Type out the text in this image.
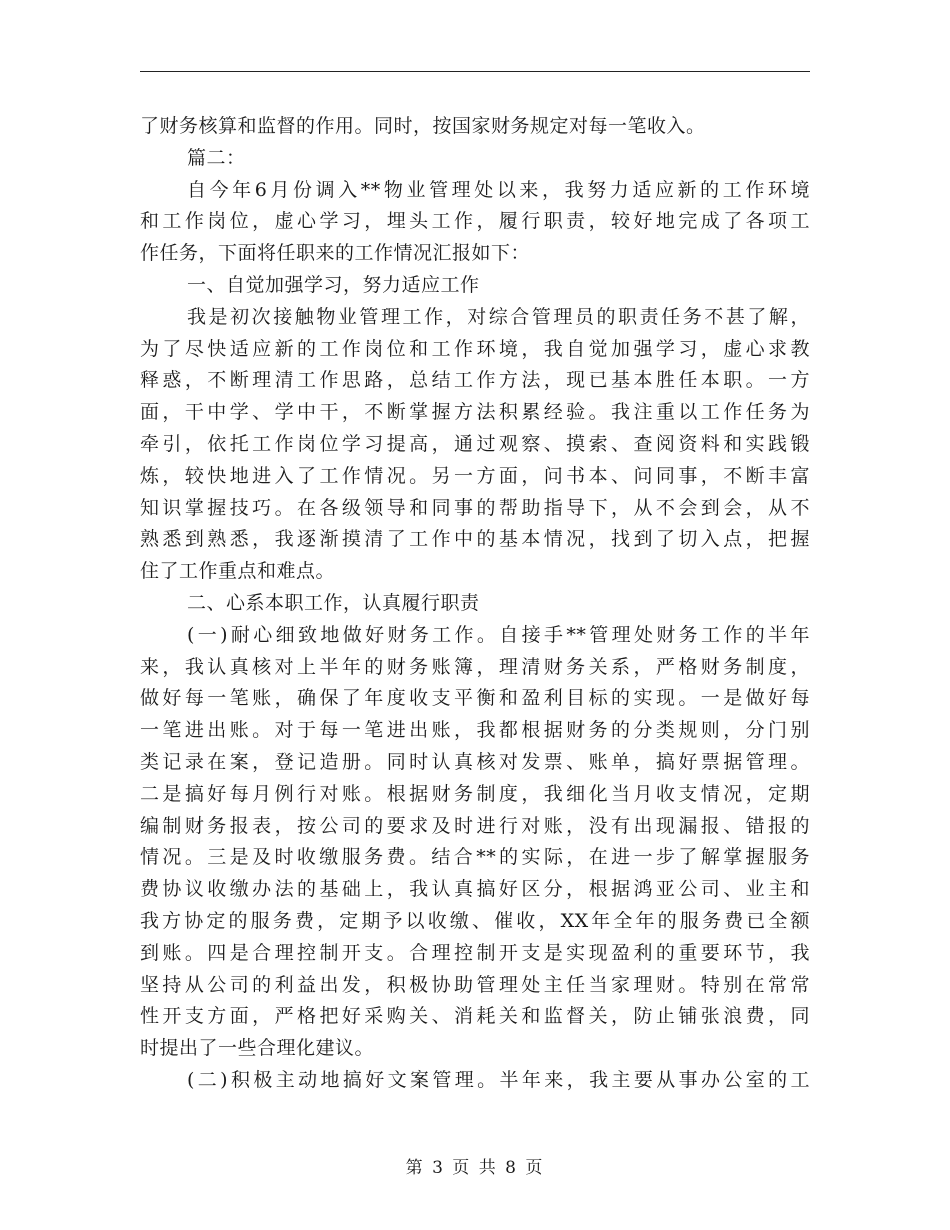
了财务核算和监督的作用。同时，按国家财务规定对每一笔收入。
篇二：
自今年6月份调入**物业管理处以来，我努力适应新的工作环境
和工作岗位，虚心学习，埋头工作，履行职责，较好地完成了各项工
作任务，下面将任职来的工作情况汇报如下：
一、自觉加强学习，努力适应工作
我是初次接触物业管理工作，对综合管理员的职责任务不甚了解，
为了尽快适应新的工作岗位和工作环境，我自觉加强学习，虚心求教
释惑，不断理清工作思路，总结工作方法，现已基本胜任本职。一方
面，干中学、学中干，不断掌握方法积累经验。我注重以工作任务为
牵引，依托工作岗位学习提高，通过观察、摸索、查阅资料和实践锻
炼，较快地进入了工作情况。另一方面，问书本、问同事，不断丰富
知识掌握技巧。在各级领导和同事的帮助指导下，从不会到会，从不
熟悉到熟悉，我逐渐摸清了工作中的基本情况，找到了切入点，把握
住了工作重点和难点。
二、心系本职工作，认真履行职责
(一)耐心细致地做好财务工作。自接手**管理处财务工作的半年
来，我认真核对上半年的财务账簿，理清财务关系，严格财务制度，
做好每一笔账，确保了年度收支平衡和盈利目标的实现。一是做好每
一笔进出账。对于每一笔进出账，我都根据财务的分类规则，分门别
类记录在案，登记造册。同时认真核对发票、账单，搞好票据管理。
二是搞好每月例行对账。根据财务制度，我细化当月收支情况，定期
编制财务报表，按公司的要求及时进行对账，没有出现漏报、错报的
情况。三是及时收缴服务费。结合**的实际，在进一步了解掌握服务
费协议收缴办法的基础上，我认真搞好区分，根据鸿亚公司、业主和
我方协定的服务费，定期予以收缴、催收，XX年全年的服务费已全额
到账。四是合理控制开支。合理控制开支是实现盈利的重要环节，我
坚持从公司的利益出发，积极协助管理处主任当家理财。特别在常常
性开支方面，严格把好采购关、消耗关和监督关，防止铺张浪费，同
时提出了一些合理化建议。
(二)积极主动地搞好文案管理。半年来，我主要从事办公室的工
第 3 页 共 8 页
